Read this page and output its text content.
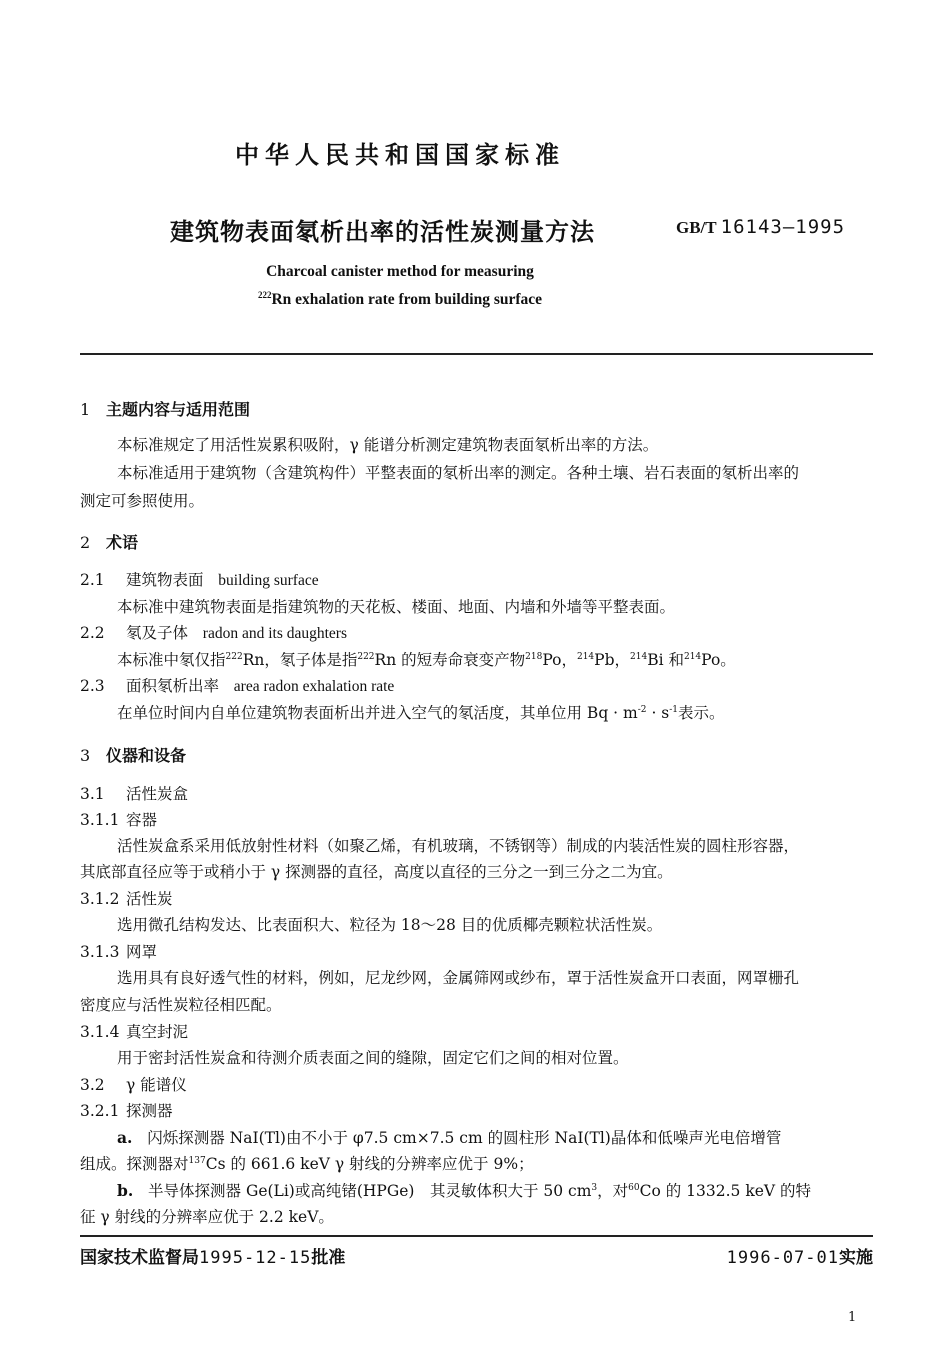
中华人民共和国国家标准
建筑物表面氡析出率的活性炭测量方法	GB/T 16143—1995
Charcoal canister method for measuring
$^{222}$Rn exhalation rate from building surface
1 主题内容与适用范围
本标准规定了用活性炭累积吸附，γ 能谱分析测定建筑物表面氡析出率的方法。
本标准适用于建筑物（含建筑构件）平整表面的氡析出率的测定。各种土壤、岩石表面的氡析出率的
测定可参照使用。
2 术语
2.1 建筑物表面 building surface
本标准中建筑物表面是指建筑物的天花板、楼面、地面、内墙和外墙等平整表面。
2.2 氡及子体 radon and its daughters
本标准中氡仅指$^{222}$Rn，氡子体是指$^{222}$Rn 的短寿命衰变产物$^{218}$Po，$^{214}$Pb，$^{214}$Bi 和$^{214}$Po。
2.3 面积氡析出率 area radon exhalation rate
在单位时间内自单位建筑物表面析出并进入空气的氡活度，其单位用 $Bq \cdot m^{-2} \cdot s^{-1}$表示。
3 仪器和设备
3.1 活性炭盒
3.1.1 容器
活性炭盒系采用低放射性材料（如聚乙烯，有机玻璃，不锈钢等）制成的内装活性炭的圆柱形容器，
其底部直径应等于或稍小于 γ 探测器的直径，高度以直径的三分之一到三分之二为宜。
3.1.2 活性炭
选用微孔结构发达、比表面积大、粒径为 18～28 目的优质椰壳颗粒状活性炭。
3.1.3 网罩
选用具有良好透气性的材料，例如，尼龙纱网，金属筛网或纱布，罩于活性炭盒开口表面，网罩栅孔
密度应与活性炭粒径相匹配。
3.1.4 真空封泥
用于密封活性炭盒和待测介质表面之间的缝隙，固定它们之间的相对位置。
3.2 γ 能谱仪
3.2.1 探测器
a. 闪烁探测器 NaI(Tl)由不小于 φ7.5 cm×7.5 cm 的圆柱形 NaI(Tl)晶体和低噪声光电倍增管
组成。探测器对$^{137}$Cs 的 661.6 keV γ 射线的分辨率应优于 9%；
b. 半导体探测器 Ge(Li)或高纯锗(HPGe)　其灵敏体积大于 50 $cm^3$，对$^{60}$Co 的 1332.5 keV 的特
征 γ 射线的分辨率应优于 2.2 keV。
国家技术监督局1995-12-15批准	1996-07-01实施
1
